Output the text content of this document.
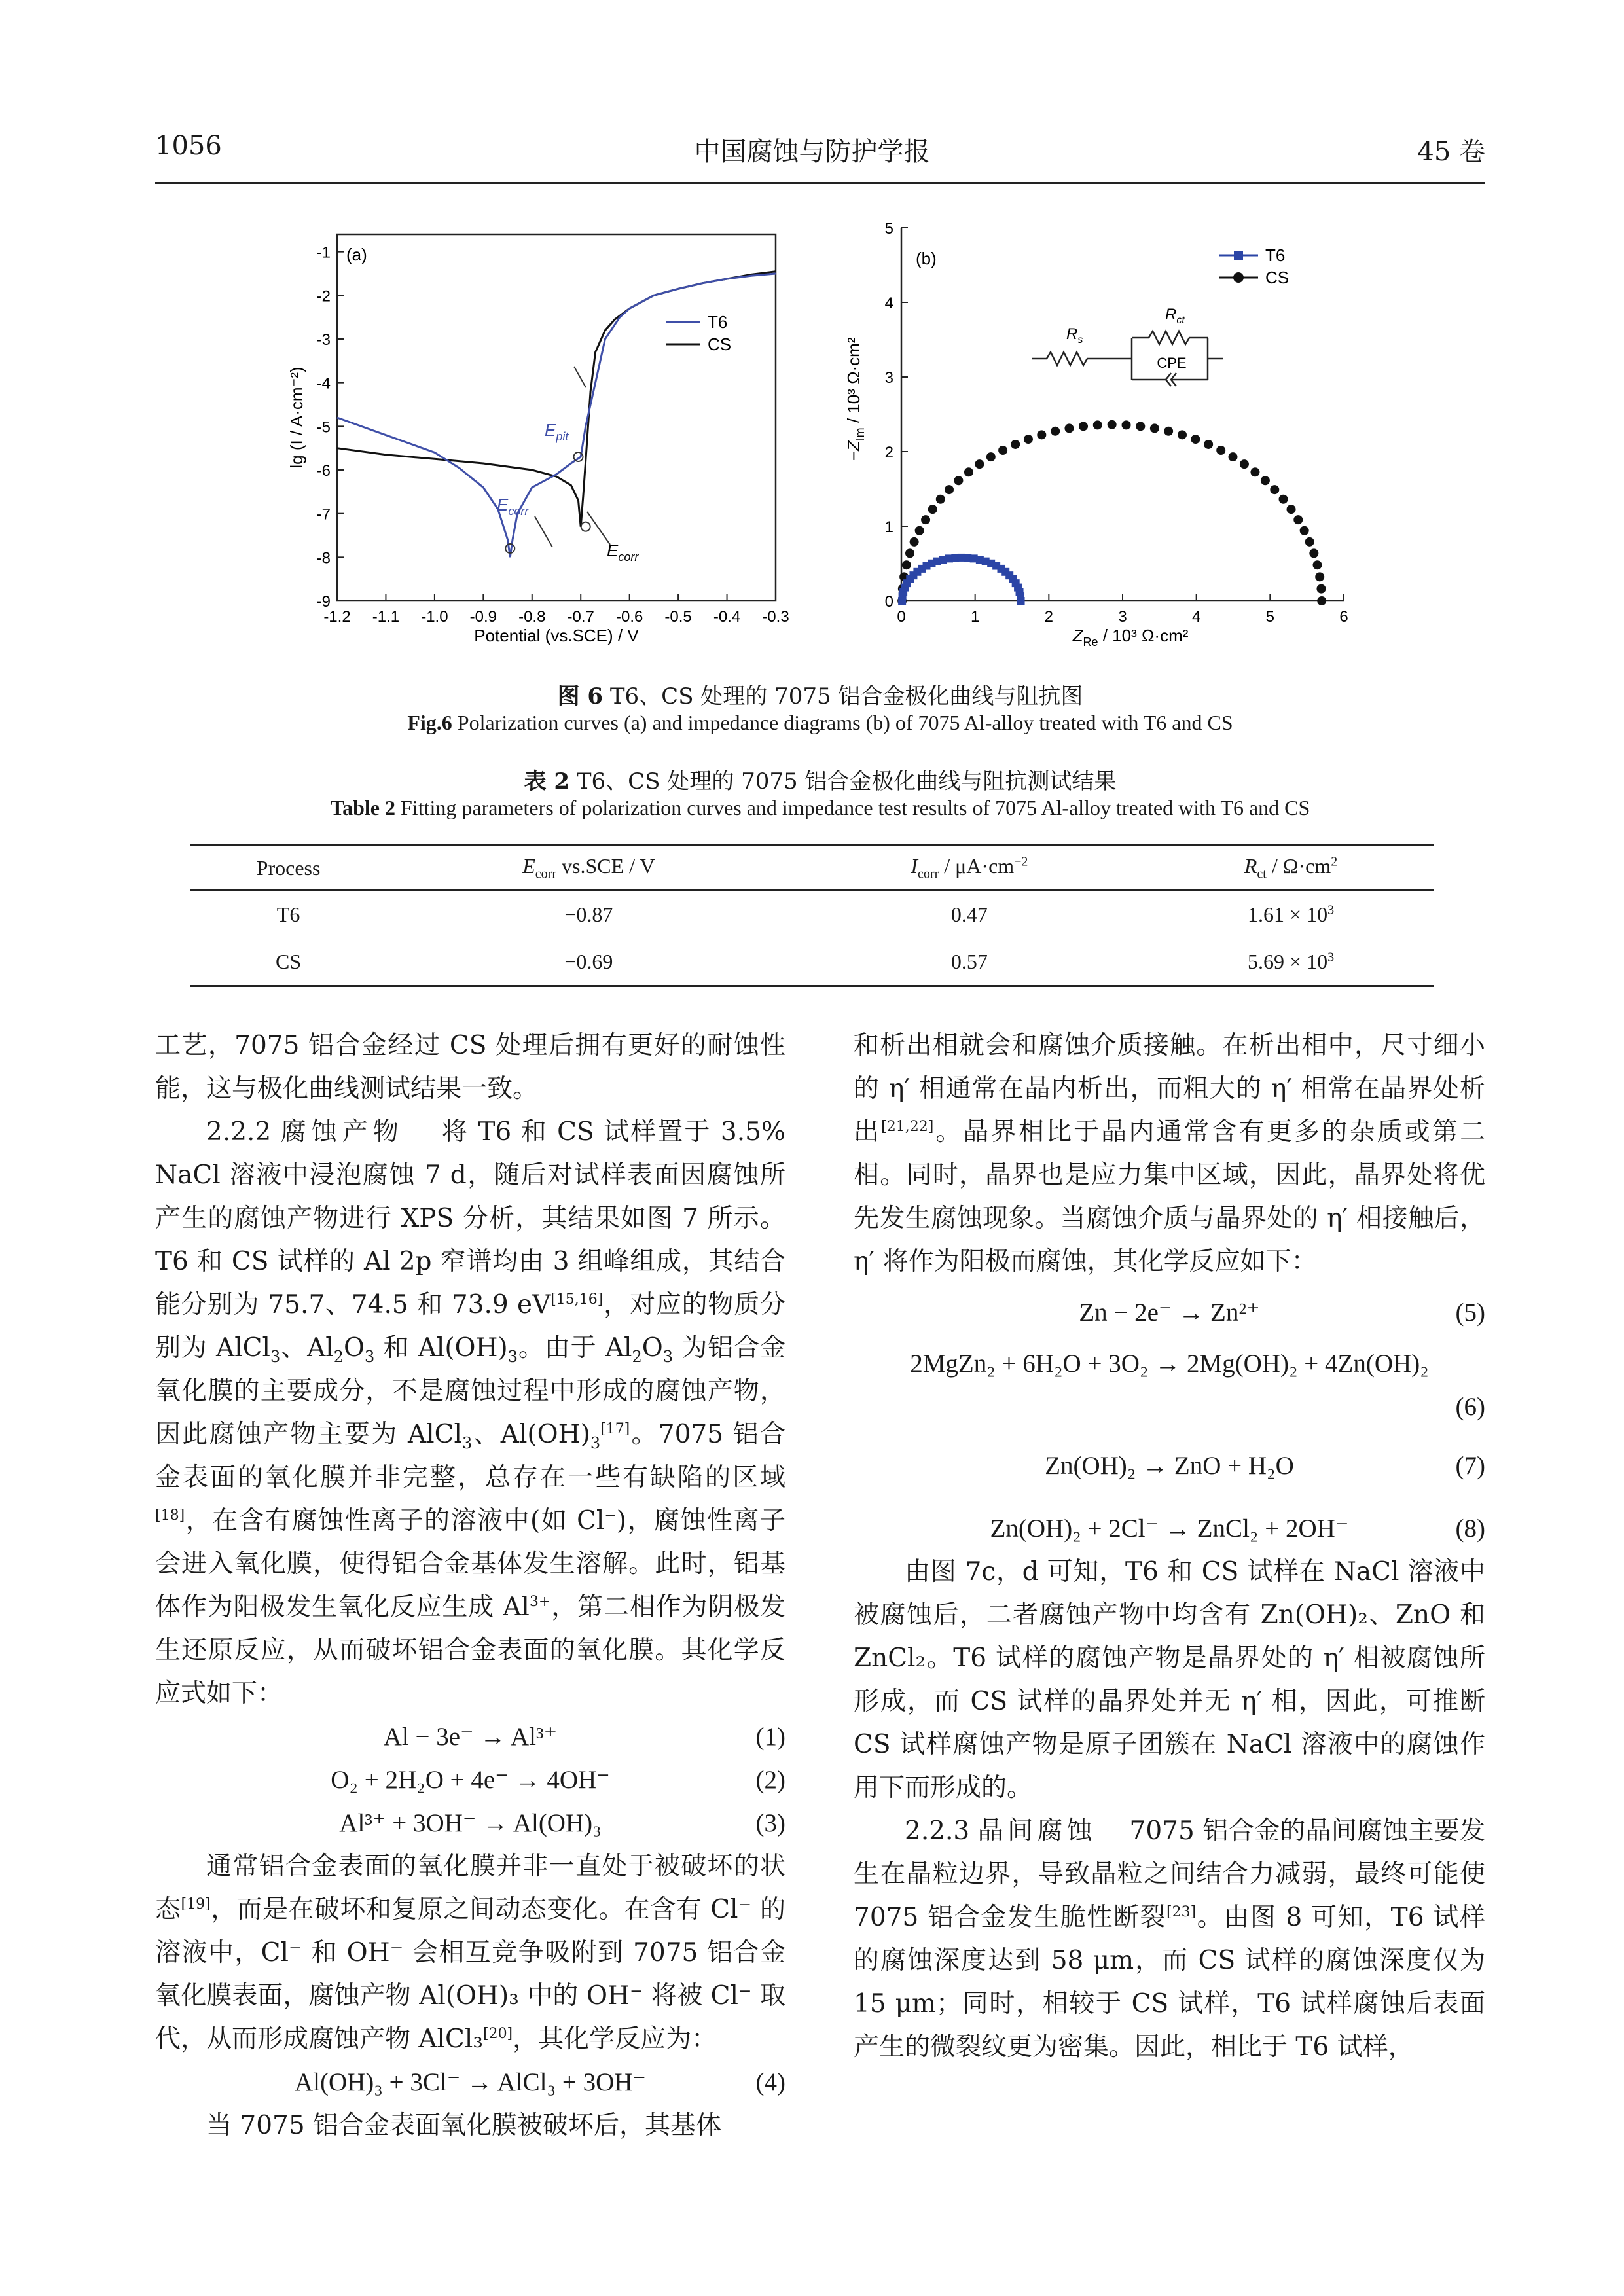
1056	中国腐蚀与防护学报	45 卷
-1.2 -1.1 -1.0 -0.9 -0.8 -0.7 -0.6 -0.5 -0.4 -0.3
-1
-2
-3
-4
-5
-6
-7
-8
-9
(a)
Potential (vs.SCE) / V
lg (I / A·cm⁻²)	$E_{pit}$
$E_{corr}$
$E_{corr}$
T6
CS
0	1	2	3	4	5	6
0
1
2
3
4
5
(b)
$Z_{Re} / 10^3$ Ω·cm²
$-Z_{Im} / 10^3$ Ω·cm²
T6
CS
$R_s$
$R_{ct}$
CPE
图 6 T6、CS 处理的 7075 铝合金极化曲线与阻抗图
Fig.6 Polarization curves (a) and impedance diagrams (b) of 7075 Al-alloy treated with T6 and CS
表 2 T6、CS 处理的 7075 铝合金极化曲线与阻抗测试结果
Table 2 Fitting parameters of polarization curves and impedance test results of 7075 Al-alloy treated with T6 and CS
Process	$E_{corr}$ vs.SCE / V	$I_{corr} / \mu A\cdot cm^{-2}$	$R_{ct} / \Omega\cdot cm^2$
T6	−0.87	0.47	$1.61 \times 10^3$
CS	−0.69	0.57	$5.69 \times 10^3$

工艺，7075 铝合金经过 CS 处理后拥有更好的耐蚀性能，这与极化曲线测试结果一致。

2.2.2 腐蚀产物 将 T6 和 CS 试样置于 3.5% NaCl 溶液中浸泡腐蚀 7 d，随后对试样表面因腐蚀所产生的腐蚀产物进行 XPS 分析，其结果如图 7 所示。T6 和 CS 试样的 Al 2p 窄谱均由 3 组峰组成，其结合能分别为 75.7、74.5 和 73.9 eV[15,16]，对应的物质分别为 AlCl$_3$、$Al_2O_3$ 和 $Al(OH)_3$。由于 $Al_2O_3$ 为铝合金氧化膜的主要成分，不是腐蚀过程中形成的腐蚀产物，因此腐蚀产物主要为 AlCl$_3$、$Al(OH)_3[17]$。7075 铝合金表面的氧化膜并非完整，总存在一些有缺陷的区域[18]，在含有腐蚀性离子的溶液中(如 Cl−)，腐蚀性离子会进入氧化膜，使得铝合金基体发生溶解。此时，铝基体作为阳极发生氧化反应生成 $Al^{3+}$，第二相作为阴极发生还原反应，从而破坏铝合金表面的氧化膜。其化学反应式如下：

Al − 3e⁻ → Al³⁺	(1)
O₂ + 2H₂O + 4e⁻ → 4OH⁻	(2)
Al³⁺ + 3OH⁻ → Al(OH)₃	(3)

通常铝合金表面的氧化膜并非一直处于被破坏的状态[19]，而是在破坏和复原之间动态变化。在含有 Cl⁻ 的溶液中，Cl⁻ 和 OH⁻ 会相互竞争吸附到 7075 铝合金氧化膜表面，腐蚀产物 Al(OH)₃ 中的 OH⁻ 将被 Cl⁻ 取代，从而形成腐蚀产物 AlCl₃[20]，其化学反应为：

Al(OH)₃ + 3Cl⁻ → AlCl₃ + 3OH⁻	(4)

当 7075 铝合金表面氧化膜被破坏后，其基体

和析出相就会和腐蚀介质接触。在析出相中，尺寸细小的 η′ 相通常在晶内析出，而粗大的 η′ 相常在晶界处析出[21,22]。晶界相比于晶内通常含有更多的杂质或第二相。同时，晶界也是应力集中区域，因此，晶界处将优先发生腐蚀现象。当腐蚀介质与晶界处的 η′ 相接触后，η′ 将作为阳极而腐蚀，其化学反应如下：

Zn − 2e⁻ → Zn²⁺	(5)
2MgZn₂ + 6H₂O + 3O₂ → 2Mg(OH)₂ + 4Zn(OH)₂
(6)
Zn(OH)₂ → ZnO + H₂O	(7)
Zn(OH)₂ + 2Cl⁻ → ZnCl₂ + 2OH⁻	(8)

由图 7c，d 可知，T6 和 CS 试样在 NaCl 溶液中被腐蚀后，二者腐蚀产物中均含有 Zn(OH)₂、ZnO 和 ZnCl₂。T6 试样的腐蚀产物是晶界处的 η′ 相被腐蚀所形成，而 CS 试样的晶界处并无 η′ 相，因此，可推断 CS 试样腐蚀产物是原子团簇在 NaCl 溶液中的腐蚀作用下而形成的。

2.2.3 晶间腐蚀 7075 铝合金的晶间腐蚀主要发生在晶粒边界，导致晶粒之间结合力减弱，最终可能使 7075 铝合金发生脆性断裂[23]。由图 8 可知，T6 试样的腐蚀深度达到 58 μm，而 CS 试样的腐蚀深度仅为 15 μm；同时，相较于 CS 试样，T6 试样腐蚀后表面产生的微裂纹更为密集。因此，相比于 T6 试样，
